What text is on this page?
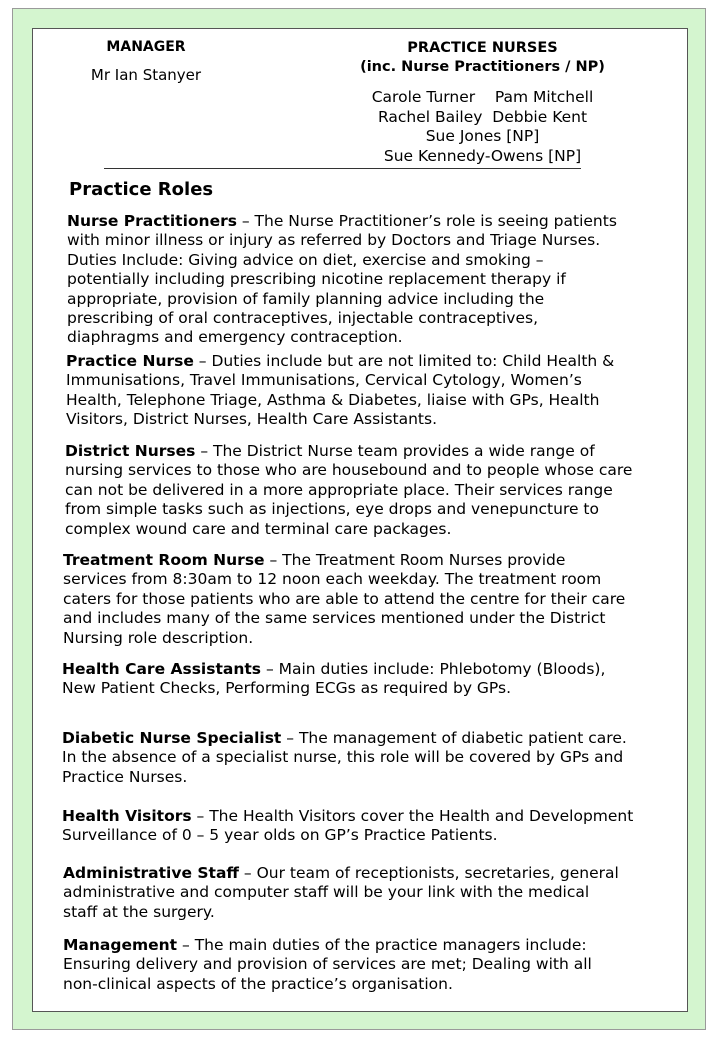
MANAGER
Mr Ian Stanyer
PRACTICE NURSES
(inc. Nurse Practitioners / NP)
Carole Turner    Pam Mitchell
Rachel Bailey  Debbie Kent
Sue Jones [NP]
Sue Kennedy-Owens [NP]
Practice Roles

Nurse Practitioners – The Nurse Practitioner’s role is seeing patients with minor illness or injury as referred by Doctors and Triage Nurses. Duties Include: Giving advice on diet, exercise and smoking – potentially including prescribing nicotine replacement therapy if appropriate, provision of family planning advice including the prescribing of oral contraceptives, injectable contraceptives, diaphragms and emergency contraception.

Practice Nurse – Duties include but are not limited to: Child Health & Immunisations, Travel Immunisations, Cervical Cytology, Women’s Health, Telephone Triage, Asthma & Diabetes, liaise with GPs, Health Visitors, District Nurses, Health Care Assistants.

District Nurses – The District Nurse team provides a wide range of nursing services to those who are housebound and to people whose care can not be delivered in a more appropriate place. Their services range from simple tasks such as injections, eye drops and venepuncture to complex wound care and terminal care packages.

Treatment Room Nurse – The Treatment Room Nurses provide services from 8:30am to 12 noon each weekday. The treatment room caters for those patients who are able to attend the centre for their care and includes many of the same services mentioned under the District Nursing role description.

Health Care Assistants – Main duties include: Phlebotomy (Bloods), New Patient Checks, Performing ECGs as required by GPs.

Diabetic Nurse Specialist – The management of diabetic patient care. In the absence of a specialist nurse, this role will be covered by GPs and Practice Nurses.

Health Visitors – The Health Visitors cover the Health and Development Surveillance of 0 – 5 year olds on GP’s Practice Patients.

Administrative Staff – Our team of receptionists, secretaries, general administrative and computer staff will be your link with the medical staff at the surgery.

Management – The main duties of the practice managers include: Ensuring delivery and provision of services are met; Dealing with all non-clinical aspects of the practice’s organisation.
